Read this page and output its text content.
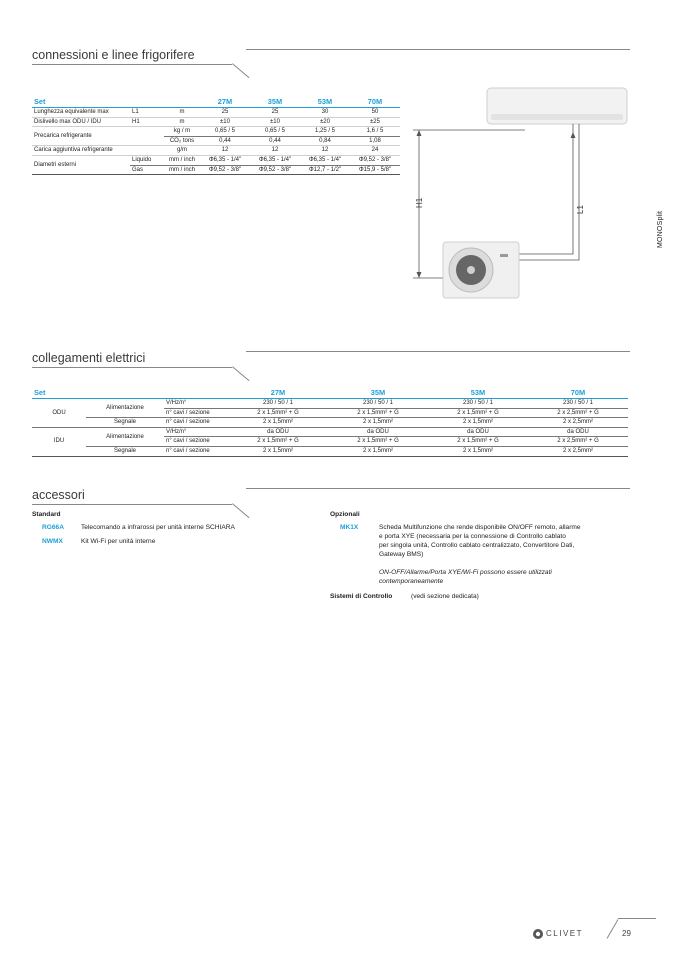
connessioni e linee frigorifere
Set			27M	35M	53M	70M
Lunghezza equivalente max	L1	m	25	25	30	50
Dislivello max ODU / IDU	H1	m	±10	±10	±20	±25
Precarica refrigerante		kg / m	0,65 / 5	0,65 / 5	1,25 / 5	1,6 / 5
		CO₂ tons	0,44	0,44	0,84	1,08
Carica aggiuntiva refrigerante		g/m	12	12	12	24
Diametri esterni	Liquido	mm / inch	Φ6,35 - 1/4"	Φ6,35 - 1/4"	Φ6,35 - 1/4"	Φ9,52 - 3/8"
	Gas	mm / inch	Φ9,52 - 3/8"	Φ9,52 - 3/8"	Φ12,7 - 1/2"	Φ15,9 - 5/8"
H1
L1
MONOSplit
collegamenti elettrici
Set			27M	35M	53M	70M
ODU	Alimentazione	V/Hz/n°	230 / 50 / 1	230 / 50 / 1	230 / 50 / 1	230 / 50 / 1
		n° cavi / sezione	2 x 1,5mm² + G	2 x 1,5mm² + G	2 x 1,5mm² + G	2 x 2,5mm² + G
	Segnale	n° cavi / sezione	2 x 1,5mm²	2 x 1,5mm²	2 x 1,5mm²	2 x 2,5mm²
IDU	Alimentazione	V/Hz/n°	da ODU	da ODU	da ODU	da ODU
		n° cavi / sezione	2 x 1,5mm² + G	2 x 1,5mm² + G	2 x 1,5mm² + G	2 x 2,5mm² + G
	Segnale	n° cavi / sezione	2 x 1,5mm²	2 x 1,5mm²	2 x 1,5mm²	2 x 2,5mm²
accessori
Standard
RG66A	Telecomando a infrarossi per unità interne SCHIARA
NWMX	Kit Wi-Fi per unità interne
Opzionali
MK1X	Scheda Multifunzione che rende disponibile ON/OFF remoto, allarme
e porta XYE (necessaria per la connessione di Controllo cablato
per singola unità, Controllo cablato centralizzato, Convertitore Dati,
Gateway BMS)
ON-OFF/Allarme/Porta XYE/Wi-Fi possono essere utilizzati
contemporaneamente
Sistemi di Controllo	(vedi sezione dedicata)
CLIVET	29
